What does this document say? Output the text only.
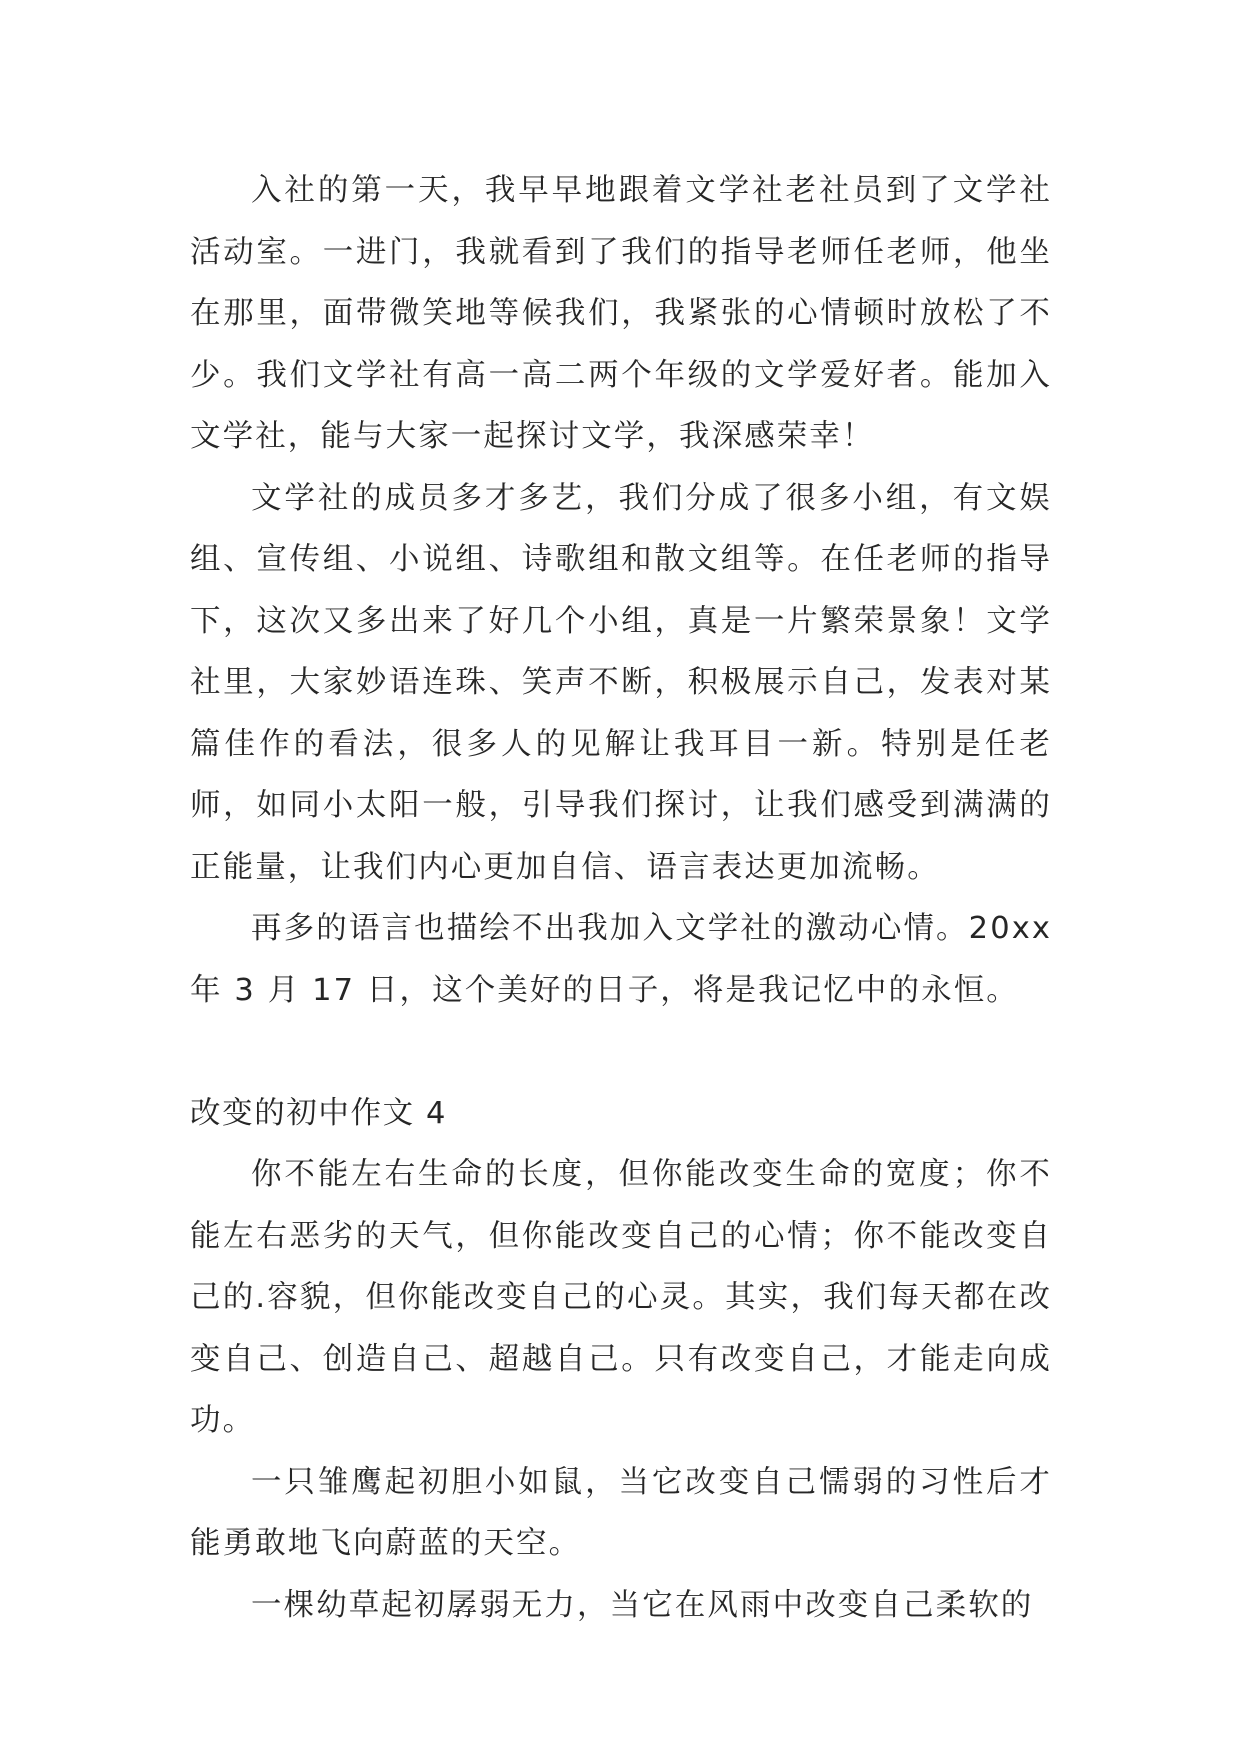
入社的第一天，我早早地跟着文学社老社员到了文学社活动室。一进门，我就看到了我们的指导老师任老师，他坐在那里，面带微笑地等候我们，我紧张的心情顿时放松了不少。我们文学社有高一高二两个年级的文学爱好者。能加入文学社，能与大家一起探讨文学，我深感荣幸！

文学社的成员多才多艺，我们分成了很多小组，有文娱组、宣传组、小说组、诗歌组和散文组等。在任老师的指导下，这次又多出来了好几个小组，真是一片繁荣景象！文学社里，大家妙语连珠、笑声不断，积极展示自己，发表对某篇佳作的看法，很多人的见解让我耳目一新。特别是任老师，如同小太阳一般，引导我们探讨，让我们感受到满满的正能量，让我们内心更加自信、语言表达更加流畅。

再多的语言也描绘不出我加入文学社的激动心情。20xx年 3 月 17 日，这个美好的日子，将是我记忆中的永恒。

改变的初中作文 4

你不能左右生命的长度，但你能改变生命的宽度；你不能左右恶劣的天气，但你能改变自己的心情；你不能改变自己的.容貌，但你能改变自己的心灵。其实，我们每天都在改变自己、创造自己、超越自己。只有改变自己，才能走向成功。

一只雏鹰起初胆小如鼠，当它改变自己懦弱的习性后才能勇敢地飞向蔚蓝的天空。

一棵幼草起初孱弱无力，当它在风雨中改变自己柔软的
